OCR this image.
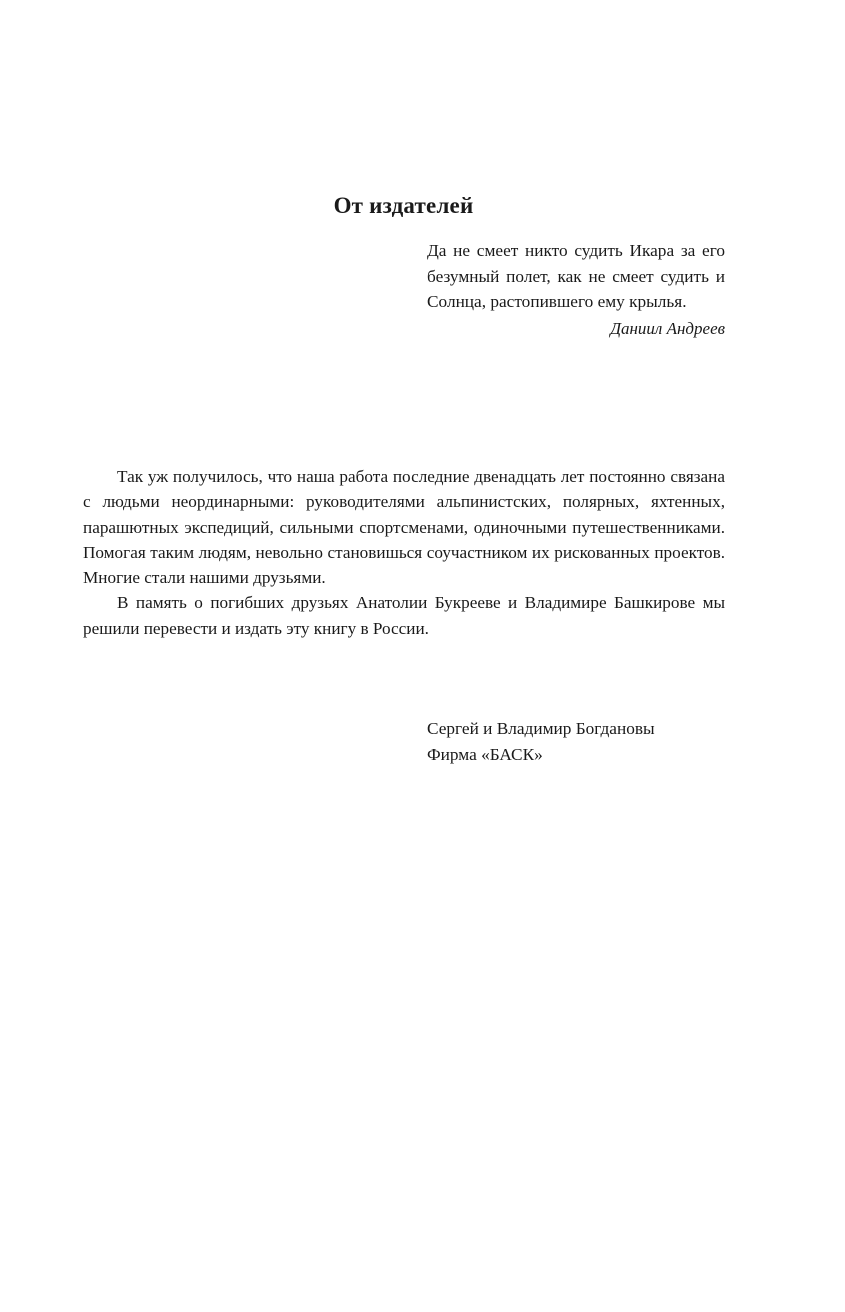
От издателей

Да не смеет никто судить Икара за его безумный полет, как не смеет судить и Солнца, растопившего ему крылья.

Даниил Андреев

Так уж получилось, что наша работа последние двенадцать лет постоянно связана с людьми неординарными: руководителями альпинистских, полярных, яхтенных, парашютных экспедиций, сильными спортсменами, одиночными путешественниками. Помогая таким людям, невольно становишься соучастником их рискованных проектов. Многие стали нашими друзьями.

В память о погибших друзьях Анатолии Букрееве и Владимире Башкирове мы решили перевести и издать эту книгу в России.

Сергей и Владимир Богдановы
Фирма «БАСК»
